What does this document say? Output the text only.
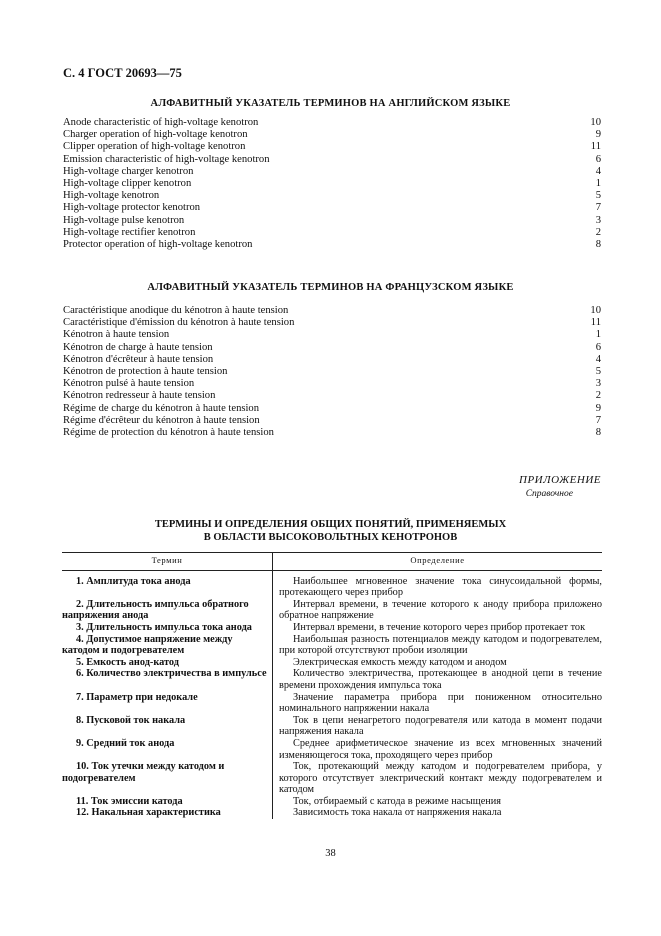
С. 4 ГОСТ 20693—75
АЛФАВИТНЫЙ УКАЗАТЕЛЬ ТЕРМИНОВ НА АНГЛИЙСКОМ ЯЗЫКЕ
Anode characteristic of high-voltage kenotron	10
Charger operation of high-voltage kenotron	9
Clipper operation of high-voltage kenotron	11
Emission characteristic of high-voltage kenotron	6
High-voltage charger kenotron	4
High-voltage clipper kenotron	1
High-voltage kenotron	5
High-voltage protector kenotron	7
High-voltage pulse kenotron	3
High-voltage rectifier kenotron	2
Protector operation of high-voltage kenotron	8
АЛФАВИТНЫЙ УКАЗАТЕЛЬ ТЕРМИНОВ НА ФРАНЦУЗСКОМ ЯЗЫКЕ
Caractéristique anodique du kénotron à haute tension	10
Caractéristique d'émission du kénotron à haute tension	11
Kénotron à haute tension	1
Kénotron de charge à haute tension	6
Kénotron d'écrêteur à haute tension	4
Kénotron de protection à haute tension	5
Kénotron pulsé à haute tension	3
Kénotron redresseur à haute tension	2
Régime de charge du kénotron à haute tension	9
Régime d'écrêteur du kénotron à haute tension	7
Régime de protection du kénotron à haute tension	8
ПРИЛОЖЕНИЕ
Справочное
ТЕРМИНЫ И ОПРЕДЕЛЕНИЯ ОБЩИХ ПОНЯТИЙ, ПРИМЕНЯЕМЫХ
В ОБЛАСТИ ВЫСОКОВОЛЬТНЫХ КЕНОТРОНОВ
Термин	Определение
1. Амплитуда тока анода	Наибольшее мгновенное значение тока синусоидальной формы, протекающего через прибор
2. Длительность импульса обратного напряжения анода	Интервал времени, в течение которого к аноду прибора приложено обратное напряжение
3. Длительность импульса тока анода	Интервал времени, в течение которого через прибор протекает ток
4. Допустимое напряжение между катодом и подогревателем	Наибольшая разность потенциалов между катодом и подогревателем, при которой отсутствуют пробои изоляции
5. Емкость анод-катод	Электрическая емкость между катодом и анодом
6. Количество электричества в импульсе	Количество электричества, протекающее в анодной цепи в течение времени прохождения импульса тока
7. Параметр при недокале	Значение параметра прибора при пониженном относительно номинального напряжении накала
8. Пусковой ток накала	Ток в цепи ненагретого подогревателя или катода в момент подачи напряжения накала
9. Средний ток анода	Среднее арифметическое значение из всех мгновенных значений изменяющегося тока, проходящего через прибор
10. Ток утечки между катодом и подогревателем	Ток, протекающий между катодом и подогревателем прибора, у которого отсутствует электрический контакт между подогревателем и катодом
11. Ток эмиссии катода	Ток, отбираемый с катода в режиме насыщения
12. Накальная характеристика	Зависимость тока накала от напряжения накала
38
